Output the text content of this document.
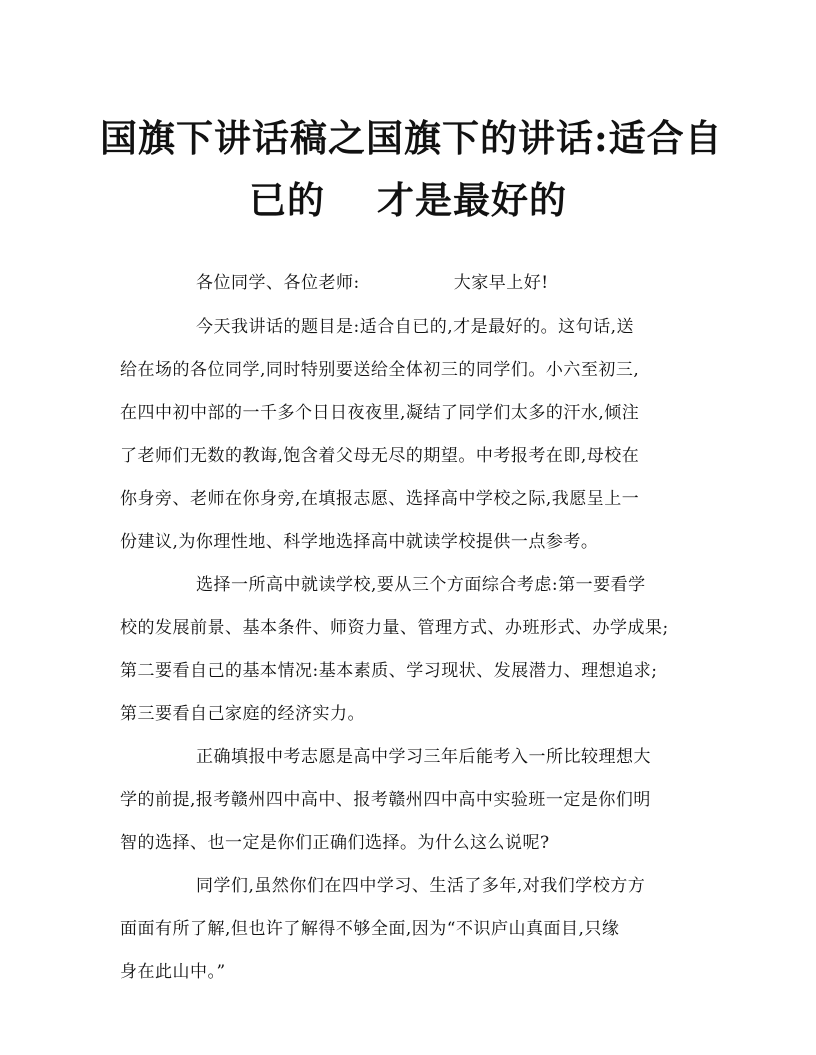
国旗下讲话稿之国旗下的讲话:适合自
已的 才是最好的
各位同学、各位老师:	大家早上好!
今天我讲话的题目是:适合自已的,才是最好的。这句话,送
给在场的各位同学,同时特别要送给全体初三的同学们。小六至初三,
在四中初中部的一千多个日日夜夜里,凝结了同学们太多的汗水,倾注
了老师们无数的教诲,饱含着父母无尽的期望。中考报考在即,母校在
你身旁、老师在你身旁,在填报志愿、选择高中学校之际,我愿呈上一
份建议,为你理性地、科学地选择高中就读学校提供一点参考。
选择一所高中就读学校,要从三个方面综合考虑:第一要看学
校的发展前景、基本条件、师资力量、管理方式、办班形式、办学成果;
第二要看自己的基本情况:基本素质、学习现状、发展潜力、理想追求;
第三要看自己家庭的经济实力。
正确填报中考志愿是高中学习三年后能考入一所比较理想大
学的前提,报考赣州四中高中、报考赣州四中高中实验班一定是你们明
智的选择、也一定是你们正确们选择。为什么这么说呢?
同学们,虽然你们在四中学习、生活了多年,对我们学校方方
面面有所了解,但也许了解得不够全面,因为“不识庐山真面目,只缘
身在此山中。”
